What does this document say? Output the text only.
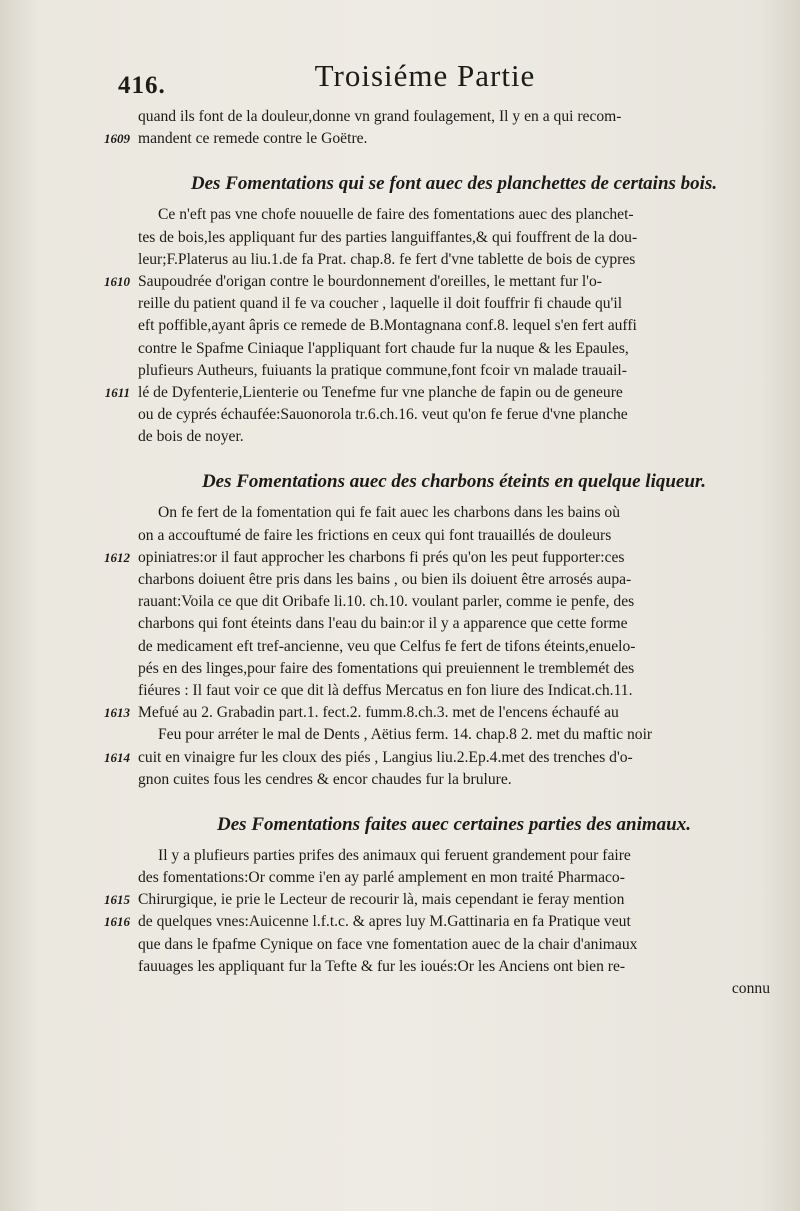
416.	Troisiéme Partie
quand ils font de la douleur,donne vn grand foulagement, Il y en a qui recom-
mandent ce remede contre le Goëtre.
1609
Des Fomentations qui se font auec des planchettes de certains bois.
Ce n'eft pas vne chofe nouuelle de faire des fomentations auec des planchet-
tes de bois,les appliquant fur des parties languiffantes,& qui fouffrent de la dou-
leur;F.Platerus au liu.1.de fa Prat. chap.8. fe fert d'vne tablette de bois de cypres
Saupoudrée d'origan contre le bourdonnement d'oreilles, le mettant fur l'o-
1610
reille du patient quand il fe va coucher , laquelle il doit fouffrir fi chaude qu'il
eft poffible,ayant âpris ce remede de B.Montagnana conf.8. lequel s'en fert auffi
contre le Spafme Ciniaque l'appliquant fort chaude fur la nuque & les Epaules,
plufieurs Autheurs, fuiuants la pratique commune,font fcoir vn malade trauail-
lé de Dyfenterie,Lienterie ou Tenefme fur vne planche de fapin ou de geneure
1611
ou de cyprés échaufée:Sauonorola tr.6.ch.16. veut qu'on fe ferue d'vne planche
de bois de noyer.
Des Fomentations auec des charbons éteints en quelque liqueur.
On fe fert de la fomentation qui fe fait auec les charbons dans les bains où
on a accouftumé de faire les frictions en ceux qui font trauaillés de douleurs
opiniatres:or il faut approcher les charbons fi prés qu'on les peut fupporter:ces
1612
charbons doiuent être pris dans les bains , ou bien ils doiuent être arrosés aupa-
rauant:Voila ce que dit Oribafe li.10. ch.10. voulant parler, comme ie penfe, des
charbons qui font éteints dans l'eau du bain:or il y a apparence que cette forme
de medicament eft tref-ancienne, veu que Celfus fe fert de tifons éteints,enuelo-
pés en des linges,pour faire des fomentations qui preuiennent le tremblemét des
fiéures : Il faut voir ce que dit là deffus Mercatus en fon liure des Indicat.ch.11.
Mefué au 2. Grabadin part.1. fect.2. fumm.8.ch.3. met de l'encens échaufé au
1613
Feu pour arréter le mal de Dents , Aëtius ferm. 14. chap.8 2. met du maftic noir
cuit en vinaigre fur les cloux des piés , Langius liu.2.Ep.4.met des trenches d'o-
1614
gnon cuites fous les cendres & encor chaudes fur la brulure.
Des Fomentations faites auec certaines parties des animaux.
Il y a plufieurs parties prifes des animaux qui feruent grandement pour faire
des fomentations:Or comme i'en ay parlé amplement en mon traité Pharmaco-
Chirurgique, ie prie le Lecteur de recourir là, mais cependant ie feray mention
1615
de quelques vnes:Auicenne l.f.t.c. & apres luy M.Gattinaria en fa Pratique veut
1616
que dans le fpafme Cynique on face vne fomentation auec de la chair d'animaux
fauuages les appliquant fur la Tefte & fur les ioués:Or les Anciens ont bien re-
connu
